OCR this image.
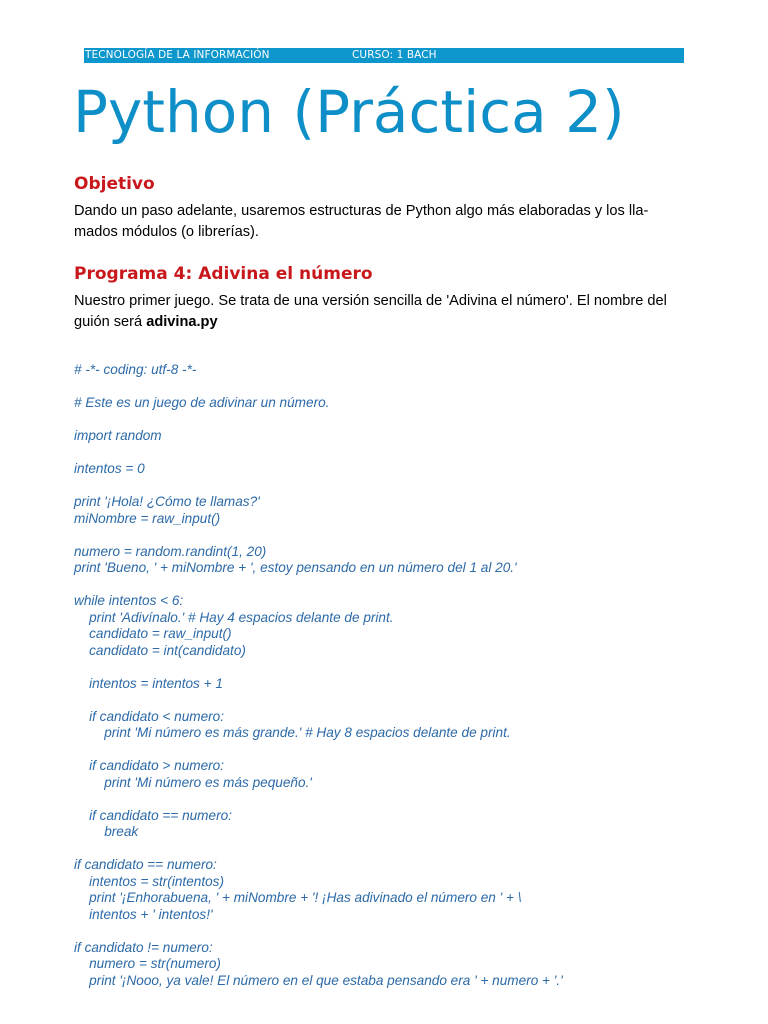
TECNOLOGÍA DE LA INFORMACIÓN	CURSO: 1 BACH
Python (Práctica 2)
Objetivo

Dando un paso adelante, usaremos estructuras de Python algo más elaboradas y los llamados módulos (o librerías).

Programa 4: Adivina el número

Nuestro primer juego. Se trata de una versión sencilla de 'Adivina el número'. El nombre del guión será adivina.py

# -*- coding: utf-8 -*-
# Este es un juego de adivinar un número.
import random
intentos = 0
print '¡Hola! ¿Cómo te llamas?'
miNombre = raw_input()
numero = random.randint(1, 20)
print 'Bueno, ' + miNombre + ', estoy pensando en un número del 1 al 20.'
while intentos < 6:
print 'Adivínalo.' # Hay 4 espacios delante de print.
candidato = raw_input()
candidato = int(candidato)
intentos = intentos + 1
if candidato < numero:
print 'Mi número es más grande.' # Hay 8 espacios delante de print.
if candidato > numero:
print 'Mi número es más pequeño.'
if candidato == numero:
break
if candidato == numero:
intentos = str(intentos)
print '¡Enhorabuena, ' + miNombre + '! ¡Has adivinado el número en ' + \
intentos + ' intentos!'
if candidato != numero:
numero = str(numero)
print '¡Nooo, ya vale! El número en el que estaba pensando era ' + numero + '.'
